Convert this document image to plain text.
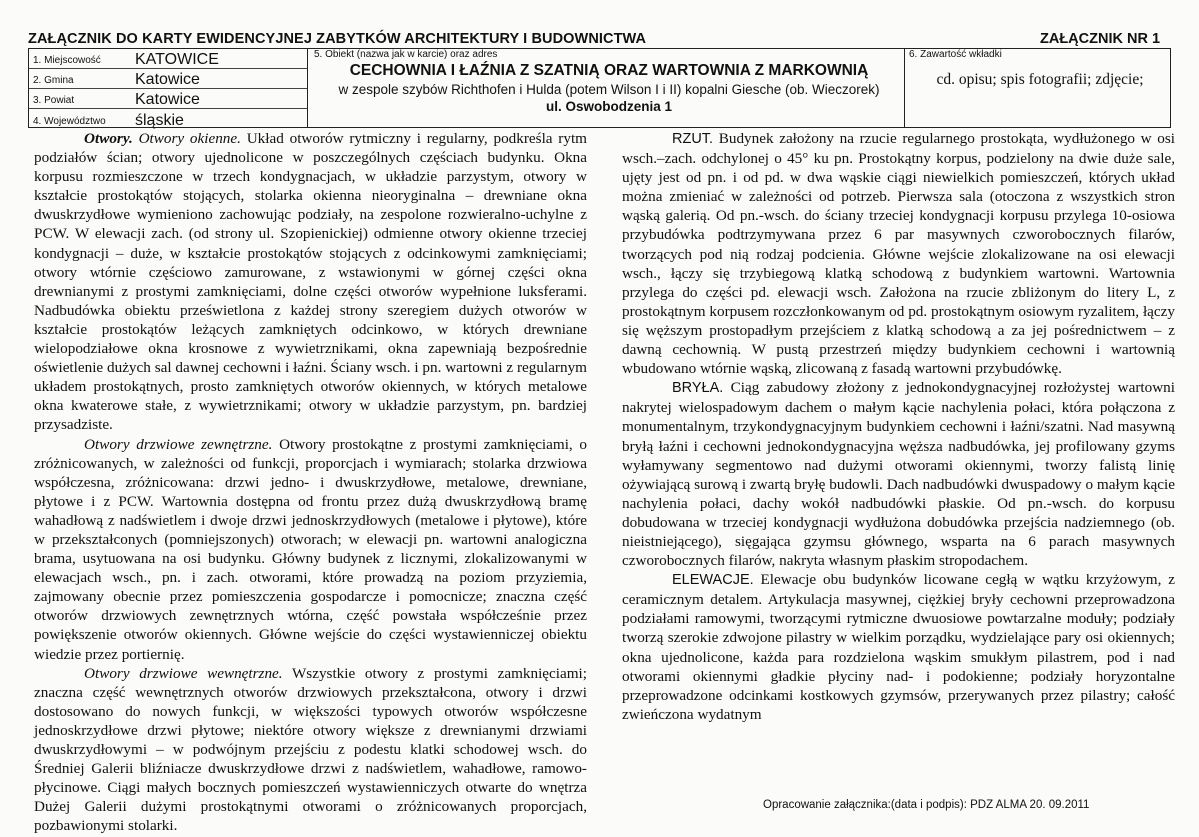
ZAŁĄCZNIK DO KARTY EWIDENCYJNEJ ZABYTKÓW ARCHITEKTURY I BUDOWNICTWA	ZAŁĄCZNIK NR 1
1. Miejscowość KATOWICE
2. Gmina	Katowice
3. Powiat	Katowice
4. Województwo śląskie
5. Obiekt (nazwa jak w karcie) oraz adres
CECHOWNIA I ŁAŹNIA Z SZATNIĄ ORAZ WARTOWNIA Z MARKOWNIĄ
w zespole szybów Richthofen i Hulda (potem Wilson I i II) kopalni Giesche (ob. Wieczorek)
ul. Oswobodzenia 1
6. Zawartość wkładki
cd. opisu; spis fotografii; zdjęcie;

Otwory. Otwory okienne. Układ otworów rytmiczny i regularny, podkreśla rytm podziałów ścian; otwory ujednolicone w poszczególnych częściach budynku. Okna korpusu rozmieszczone w trzech kondygnacjach, w układzie parzystym, otwory w kształcie prostokątów stojących, stolarka okienna nieoryginalna – drewniane okna dwuskrzydłowe wymieniono zachowując podziały, na zespolone rozwieralno-uchylne z PCW. W elewacji zach. (od strony ul. Szopienickiej) odmienne otwory okienne trzeciej kondygnacji – duże, w kształcie prostokątów stojących z odcinkowymi zamknięciami; otwory wtórnie częściowo zamurowane, z wstawionymi w górnej części okna drewnianymi z prostymi zamknięciami, dolne części otworów wypełnione luksferami. Nadbudówka obiektu prześwietlona z każdej strony szeregiem dużych otworów w kształcie prostokątów leżących zamkniętych odcinkowo, w których drewniane wielopodziałowe okna krosnowe z wywietrznikami, okna zapewniają bezpośrednie oświetlenie dużych sal dawnej cechowni i łaźni. Ściany wsch. i pn. wartowni z regularnym układem prostokątnych, prosto zamkniętych otworów okiennych, w których metalowe okna kwaterowe stałe, z wywietrznikami; otwory w układzie parzystym, pn. bardziej przysadziste.

Otwory drzwiowe zewnętrzne. Otwory prostokątne z prostymi zamknięciami, o zróżnicowanych, w zależności od funkcji, proporcjach i wymiarach; stolarka drzwiowa współczesna, zróżnicowana: drzwi jedno- i dwuskrzydłowe, metalowe, drewniane, płytowe i z PCW. Wartownia dostępna od frontu przez dużą dwuskrzydłową bramę wahadłową z nadświetlem i dwoje drzwi jednoskrzydłowych (metalowe i płytowe), które w przekształconych (pomniejszonych) otworach; w elewacji pn. wartowni analogiczna brama, usytuowana na osi budynku. Główny budynek z licznymi, zlokalizowanymi w elewacjach wsch., pn. i zach. otworami, które prowadzą na poziom przyziemia, zajmowany obecnie przez pomieszczenia gospodarcze i pomocnicze; znaczna część otworów drzwiowych zewnętrznych wtórna, część powstała współcześnie przez powiększenie otworów okiennych. Główne wejście do części wystawienniczej obiektu wiedzie przez portiernię.

Otwory drzwiowe wewnętrzne. Wszystkie otwory z prostymi zamknięciami; znaczna część wewnętrznych otworów drzwiowych przekształcona, otwory i drzwi dostosowano do nowych funkcji, w większości typowych otworów współczesne jednoskrzydłowe drzwi płytowe; niektóre otwory większe z drewnianymi drzwiami dwuskrzydłowymi – w podwójnym przejściu z podestu klatki schodowej wsch. do Średniej Galerii bliźniacze dwuskrzydłowe drzwi z nadświetlem, wahadłowe, ramowo-płycinowe. Ciągi małych bocznych pomieszczeń wystawienniczych otwarte do wnętrza Dużej Galerii dużymi prostokątnymi otworami o zróżnicowanych proporcjach, pozbawionymi stolarki.

RZUT. Budynek założony na rzucie regularnego prostokąta, wydłużonego w osi wsch.–zach. odchylonej o 45° ku pn. Prostokątny korpus, podzielony na dwie duże sale, ujęty jest od pn. i od pd. w dwa wąskie ciągi niewielkich pomieszczeń, których układ można zmieniać w zależności od potrzeb. Pierwsza sala (otoczona z wszystkich stron wąską galerią. Od pn.-wsch. do ściany trzeciej kondygnacji korpusu przylega 10-osiowa przybudówka podtrzymywana przez 6 par masywnych czworobocznych filarów, tworzących pod nią rodzaj podcienia. Główne wejście zlokalizowane na osi elewacji wsch., łączy się trzybiegową klatką schodową z budynkiem wartowni. Wartownia przylega do części pd. elewacji wsch. Założona na rzucie zbliżonym do litery L, z prostokątnym korpusem rozczłonkowanym od pd. prostokątnym osiowym ryzalitem, łączy się węższym prostopadłym przejściem z klatką schodową a za jej pośrednictwem – z dawną cechownią. W pustą przestrzeń między budynkiem cechowni i wartownią wbudowano wtórnie wąską, zlicowaną z fasadą wartowni przybudówkę.

BRYŁA. Ciąg zabudowy złożony z jednokondygnacyjnej rozłożystej wartowni nakrytej wielospadowym dachem o małym kącie nachylenia połaci, która połączona z monumentalnym, trzykondygnacyjnym budynkiem cechowni i łaźni/szatni. Nad masywną bryłą łaźni i cechowni jednokondygnacyjna węższa nadbudówka, jej profilowany gzyms wyłamywany segmentowo nad dużymi otworami okiennymi, tworzy falistą linię ożywiającą surową i zwartą bryłę budowli. Dach nadbudówki dwuspadowy o małym kącie nachylenia połaci, dachy wokół nadbudówki płaskie. Od pn.-wsch. do korpusu dobudowana w trzeciej kondygnacji wydłużona dobudówka przejścia nadziemnego (ob. nieistniejącego), sięgająca gzymsu głównego, wsparta na 6 parach masywnych czworobocznych filarów, nakryta własnym płaskim stropodachem.

ELEWACJE. Elewacje obu budynków licowane cegłą w wątku krzyżowym, z ceramicznym detalem. Artykulacja masywnej, ciężkiej bryły cechowni przeprowadzona podziałami ramowymi, tworzącymi rytmiczne dwuosiowe powtarzalne moduły; podziały tworzą szerokie zdwojone pilastry w wielkim porządku, wydzielające pary osi okiennych; okna ujednolicone, każda para rozdzielona wąskim smukłym pilastrem, pod i nad otworami okiennymi gładkie płyciny nad- i podokienne; podziały horyzontalne przeprowadzone odcinkami kostkowych gzymsów, przerywanych przez pilastry; całość zwieńczona wydatnym

Opracowanie załącznika:(data i podpis): PDZ ALMA 20. 09.2011
